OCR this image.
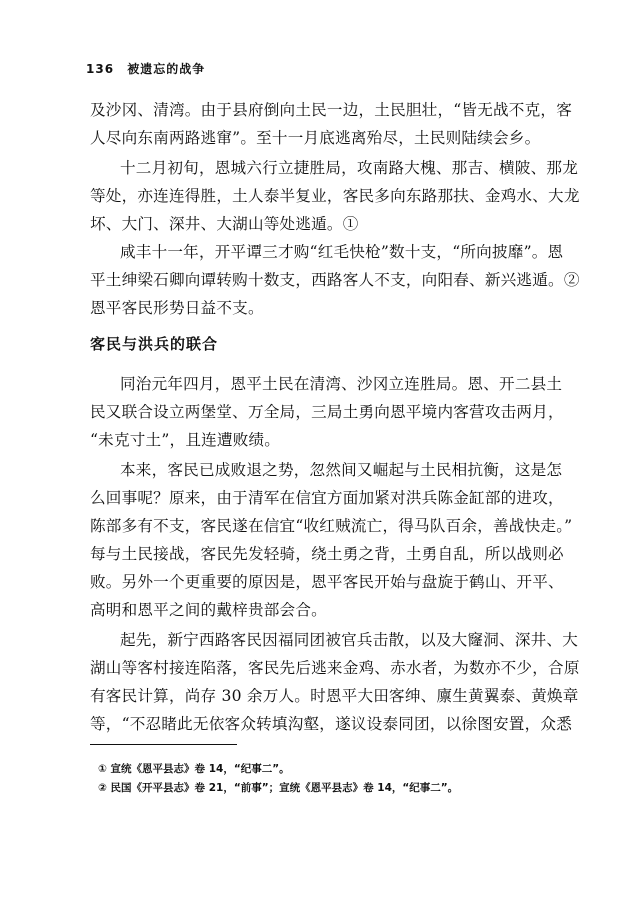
136 被遗忘的战争
及沙冈、清湾。由于县府倒向土民一边，土民胆壮，“皆无战不克，客
人尽向东南两路逃窜”。至十一月底逃离殆尽，土民则陆续会乡。
十二月初旬，恩城六行立捷胜局，攻南路大槐、那吉、横陂、那龙
等处，亦连连得胜，土人泰半复业，客民多向东路那扶、金鸡水、大龙
坏、大门、深井、大湖山等处逃遁。①
咸丰十一年，开平谭三才购“红毛快枪”数十支，“所向披靡”。恩
平土绅梁石卿向谭转购十数支，西路客人不支，向阳春、新兴逃遁。②
恩平客民形势日益不支。
客民与洪兵的联合
同治元年四月，恩平土民在清湾、沙冈立连胜局。恩、开二县土
民又联合设立两堡堂、万全局，三局土勇向恩平境内客营攻击两月，
“未克寸土”，且连遭败绩。
本来，客民已成败退之势，忽然间又崛起与土民相抗衡，这是怎
么回事呢？原来，由于清军在信宜方面加紧对洪兵陈金缸部的进攻，
陈部多有不支，客民遂在信宜“收红贼流亡，得马队百余，善战快走。”
每与土民接战，客民先发轻骑，绕土勇之背，土勇自乱，所以战则必
败。另外一个更重要的原因是，恩平客民开始与盘旋于鹤山、开平、
高明和恩平之间的戴梓贵部会合。
起先，新宁西路客民因福同团被官兵击散，以及大窿洞、深井、大
湖山等客村接连陷落，客民先后逃来金鸡、赤水者，为数亦不少，合原
有客民计算，尚存 30 余万人。时恩平大田客绅、廪生黄翼泰、黄焕章
等，“不忍睹此无依客众转填沟壑，遂议设泰同团，以徐图安置，众悉
① 宣统《恩平县志》卷 14，“纪事二”。
② 民国《开平县志》卷 21，“前事”；宣统《恩平县志》卷 14，“纪事二”。
